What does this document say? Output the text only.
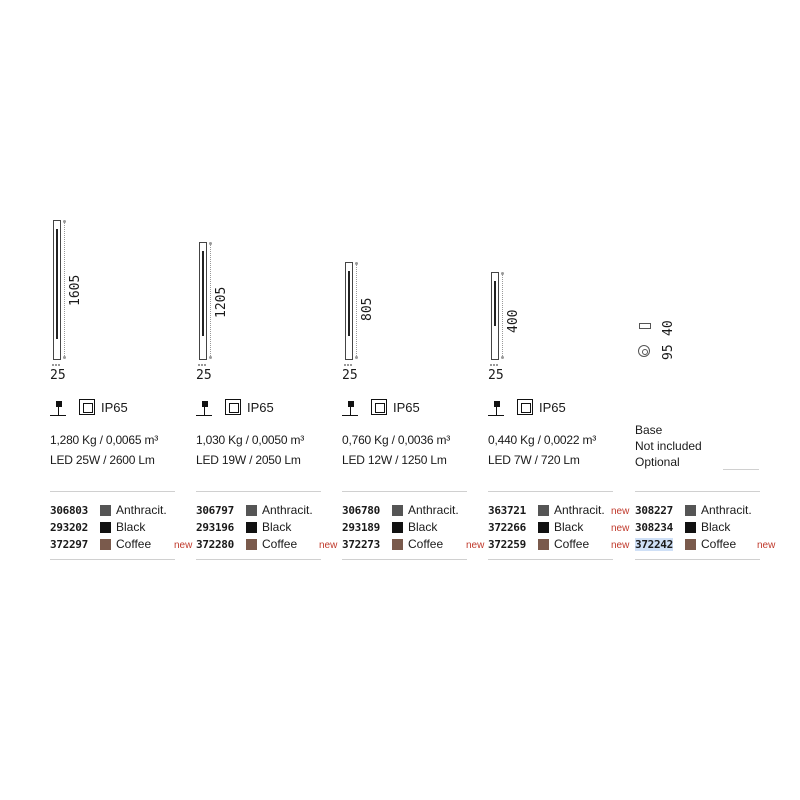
1605
25
IP65
1,280 Kg / 0,0065 m³
LED 25W / 2600 Lm
306803 Anthracit.
293202 Black
372297 Coffee new
1205
25
IP65
1,030 Kg / 0,0050 m³
LED 19W / 2050 Lm
306797 Anthracit.
293196 Black
372280 Coffee new
805
25
IP65
0,760 Kg / 0,0036 m³
LED 12W / 1250 Lm
306780 Anthracit.
293189 Black
372273 Coffee new
400
25
IP65
0,440 Kg / 0,0022 m³
LED 7W / 720 Lm
363721 Anthracit. new
372266 Black	new
372259 Coffee new
40
95
Base
Not included
Optional
308227 Anthracit.
308234 Black
372242 Coffee new
